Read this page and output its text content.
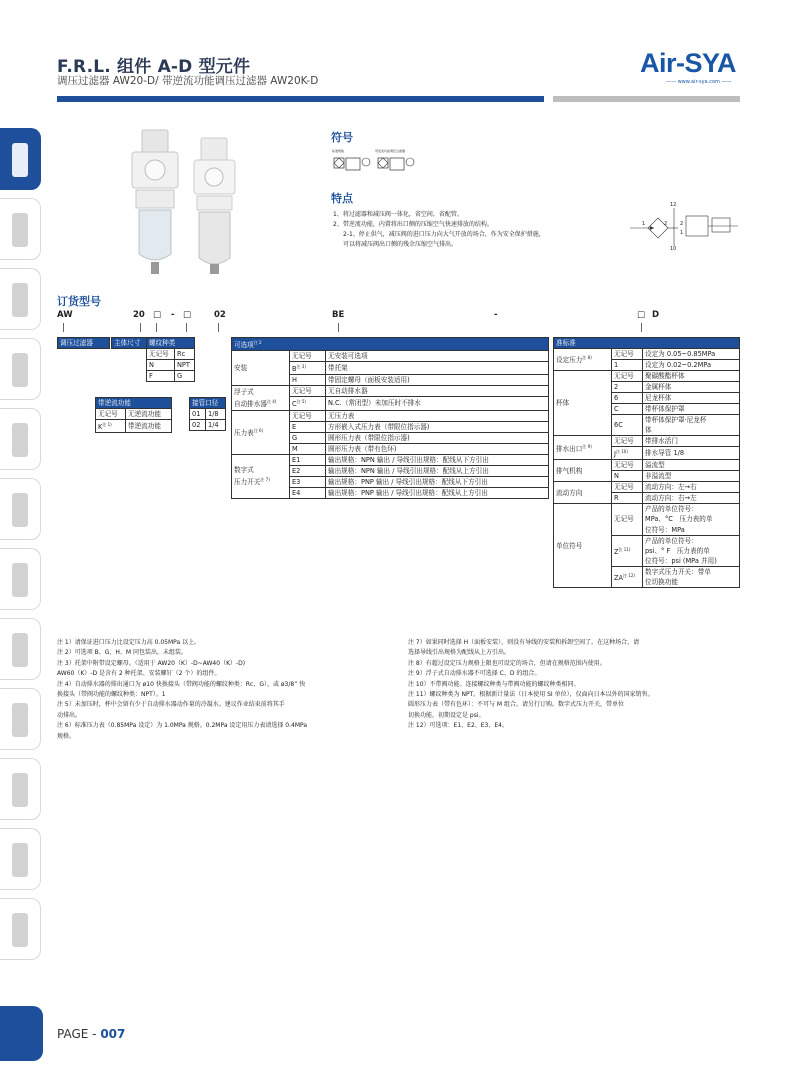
F.R.L. 组件 A-D 型元件
调压过滤器 AW20-D/ 带逆流功能调压过滤器 AW20K-D
Air-SYA
—— www.air-sya.com ——
符号
标准规格	带逆流功能调压过滤器
特点
1、将过滤器和减压阀一体化，省空间，省配管。
2、带逆流功能，内置将出口侧的压缩空气快速排放的结构。
2-1、停止供气，减压阀的进口压力向大气开放的场合，作为安全保护措施，
可以将减压阀出口侧的残余压缩空气排出。
12
1	2	2
1
10
订货型号
AW	20 □ - □	02	BE	-	□ D
调压过滤器		主体尺寸 螺纹种类	
无记号	Rc
N	NPT
F	G
带逆流功能	
无记号	无逆流功能
$K^{注 1)}$	带逆流功能
接管口径	
01	1/8
02	1/4
可选项$^{注 2}$
安装	无记号	无安装可选项
	$B^{注 3)}$	带托架
	H	带固定螺母（面板安装适用)
浮子式
自动排水器$^{注 4)}$	无记号	无自动排水器
	$C^{注 5)}$	N.C.（常闭型）未加压时不排水
压力表$^{注 6)}$	无记号	无压力表
	E	方形嵌入式压力表（带限位指示器)
	G	圆形压力表（带限位指示器)
	M	圆形压力表（带有色环)
数字式
压力开关$^{注 7)}$	E1	输出规格：NPN 输出 / 导线引出规格：配线从下方引出
	E2	输出规格：NPN 输出 / 导线引出规格：配线从上方引出
	E3	输出规格：PNP 输出 / 导线引出规格：配线从下方引出
	E4	输出规格：PNP 输出 / 导线引出规格：配线从上方引出
准标准		
设定压力$^{注 8)}$	无记号	设定为 0.05~0.85MPa
	1	设定为 0.02~0.2MPa
杯体	无记号	聚碳酸酯杯体
	2	金属杯体
	6	尼龙杯体
	C	带杯体保护罩
	6C	带杯体保护罩·尼龙杯
		体
排水出口$^{注 9)}$	无记号	带排水活门
	$J^{注 10)}$	排水导管 1/8
排气机构	无记号	溢流型
	N	非溢流型
流动方向	无记号	流动方向：左→右
	R	流动方向：右→左
单位符号	无记号	产品的单位符号：
		MPa、°C　压力表的单
		位符号：MPa
	$Z^{注 11)}$	产品的单位符号：
		psi、° F　压力表的单
		位符号：psi (MPa 并用)
	$ZA^{注 12)}$	数字式压力开关：带单
		位切换功能
注 1）请保证进口压力比设定压力高 0.05MPa 以上。
注 2）可选项 B、G、H、M 同包装出，未组装。
注 3）托架中附带设定螺母。（适用于 AW20（K）-D~AW40（K）-D)
AW60（K）-D 是含有 2 种托架、安装螺钉（2 个）的组件。
注 4）自动排水器的排出通口为 ø10 快换接头（带阀功能的螺纹种类：Rc、G），或 ø3/8” 快
换接头（带阀功能的螺纹种类：NPT）。1
注 5）未加压时，杯中会留有少于自动排水器动作量的冷凝水。建议作业结束前将其手
动排出。
注 6）标准压力表（0.85MPa 设定）为 1.0MPa 规格。0.2MPa 设定用压力表请选择 0.4MPa
规格。
注 7）如果同时选择 H（面板安装），则没有导线的安装和拆卸空间了。在这种场合，请
选择导线引出规格为配线从上方引出。
注 8）有超过设定压力规格上限也可设定的场合，但请在规格范围内使用。
注 9）浮子式自动排水器不可选择 C、D 的组合。
注 10）不带阀功能。连接螺纹种类与带阀功能的螺纹种类相同。
注 11）螺纹种类为 NPT。根据新计量法（日本使用 SI 单位），仅面向日本以外的国家销售。
圆形压力表（带有色环）：不可与 M 组合。请另行订购。数字式压力开关，带单位
切换功能，初期设定是 psi。
注 12）可选项：E1、E2、E3、E4。
PAGE - 007
